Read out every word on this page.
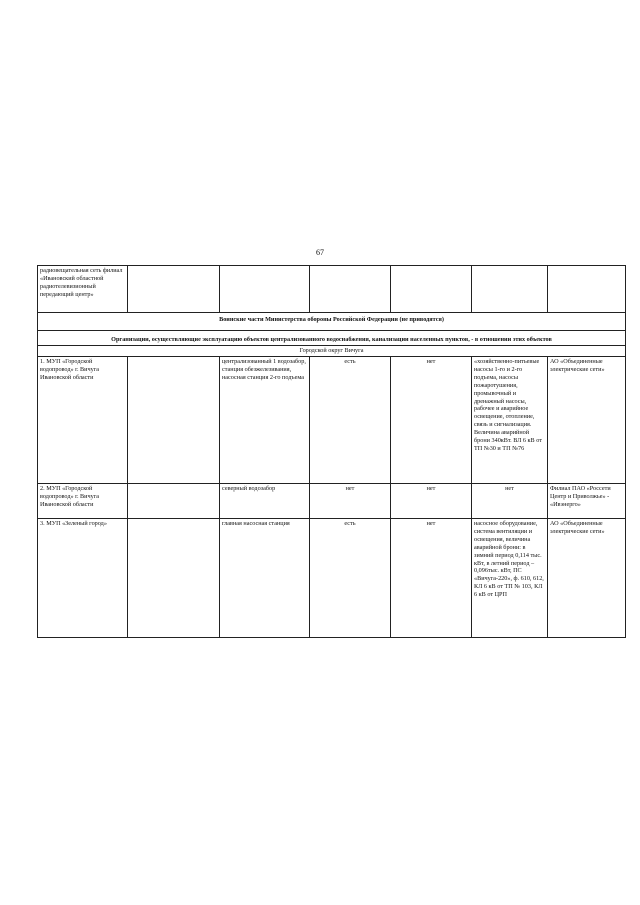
67
радиовещательная сеть филиал «Ивановский областной радиотелевизионный передающий центр»						
Воинские части Министерства обороны Российской Федерации (не приводятся)						
Организации, осуществляющие эксплуатацию объектов централизованного водоснабжения, канализации населенных пунктов, - в отношении этих объектов						
Городской округ Вичуга						
1. МУП «Городской водопровод» г. Вичуга Ивановской области		централизованный 1 водозабор, станция обезжелезивания, насосная станция 2-го подъема	есть	нет	«хозяйственно-питьевые насосы 1-го и 2-го подъема, насосы пожаротушения, промывочный и дренажный насосы, рабочее и аварийное освещение, отопление, связь и сигнализация. Величина аварийной брони 340кВт. ВЛ 6 кВ от ТП №30 и ТП №76	АО «Объединенные электрические сети»
2. МУП «Городской водопровод» г. Вичуга Ивановской области		северный водозабор	нет	нет	нет	Филиал ПАО «Россети Центр и Приволжье» - «Ивэнерго»
3. МУП «Зеленый город»		главная насосная станция	есть	нет	насосное оборудование, система вентиляции и освещения, величина аварийной брони: в зимний период 0,114 тыс. кВт, в летний период – 0,096тыс. кВт, ПС «Вичуга-220», ф. 610, 612, КЛ 6 кВ от ТП № 103, КЛ 6 кВ от ЦРП	АО «Объединенные электрические сети»
